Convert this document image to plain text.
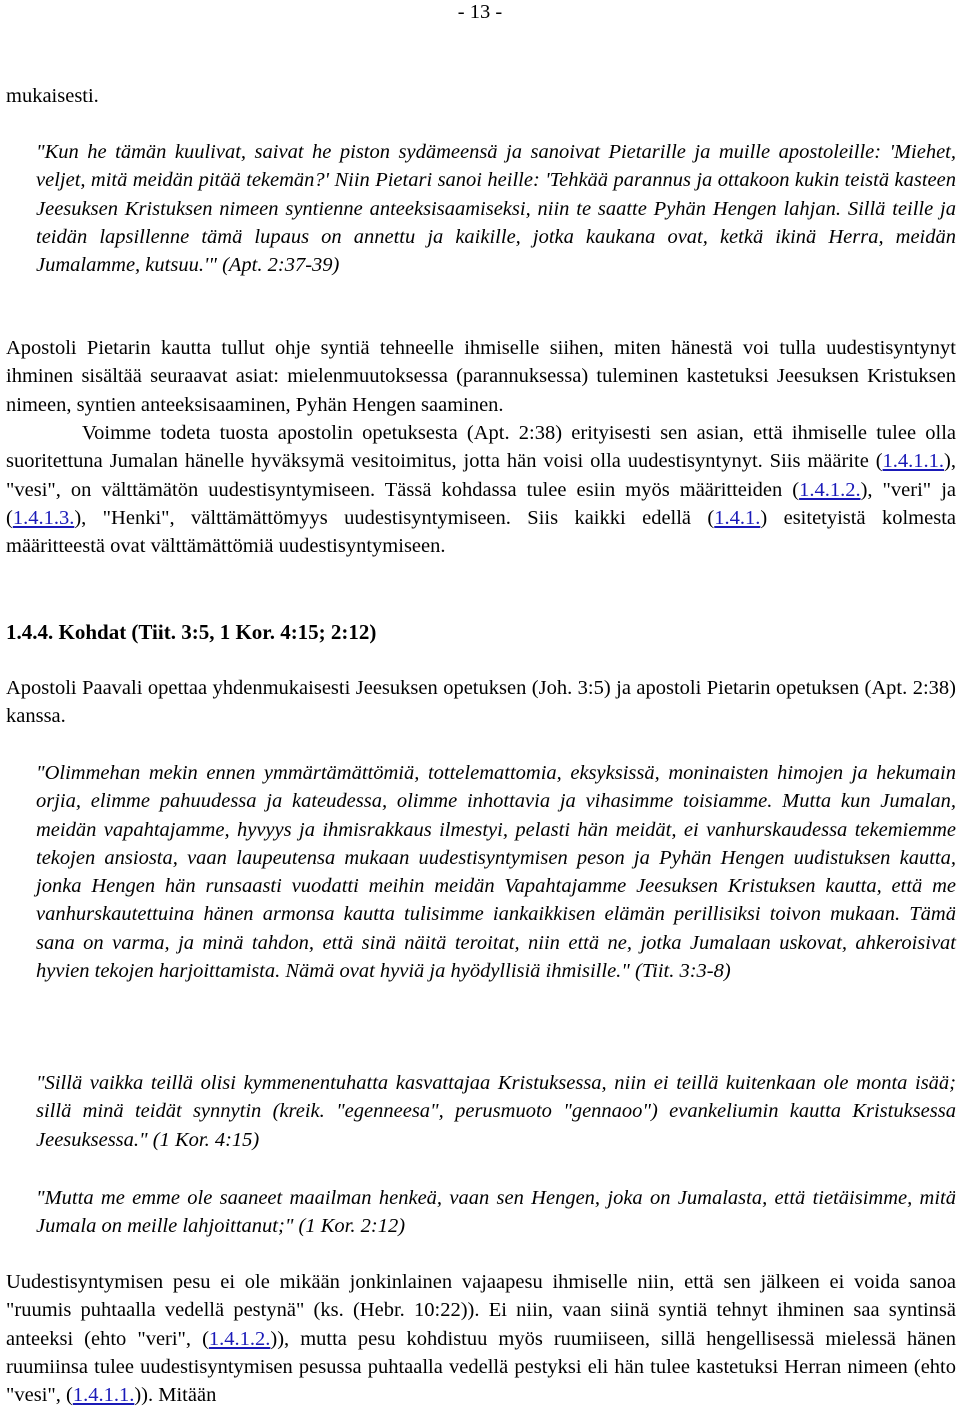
- 13 -
mukaisesti.
"Kun he tämän kuulivat, saivat he piston sydämeensä ja sanoivat Pietarille ja muille apostoleille: 'Miehet, veljet, mitä meidän pitää tekemän?' Niin Pietari sanoi heille: 'Tehkää parannus ja ottakoon kukin teistä kasteen Jeesuksen Kristuksen nimeen syntienne anteeksisaamiseksi, niin te saatte Pyhän Hengen lahjan. Sillä teille ja teidän lapsillenne tämä lupaus on annettu ja kaikille, jotka kaukana ovat, ketkä ikinä Herra, meidän Jumalamme, kutsuu.'" (Apt. 2:37-39)
Apostoli Pietarin kautta tullut ohje syntiä tehneelle ihmiselle siihen, miten hänestä voi tulla uudestisyntynyt ihminen sisältää seuraavat asiat: mielenmuutoksessa (parannuksessa) tuleminen kastetuksi Jeesuksen Kristuksen nimeen, syntien anteeksisaaminen, Pyhän Hengen saaminen.
Voimme todeta tuosta apostolin opetuksesta (Apt. 2:38) erityisesti sen asian, että ihmiselle tulee olla suoritettuna Jumalan hänelle hyväksymä vesitoimitus, jotta hän voisi olla uudestisyntynyt. Siis määrite (1.4.1.1.), "vesi", on välttämätön uudestisyntymiseen. Tässä kohdassa tulee esiin myös määritteiden (1.4.1.2.), "veri" ja (1.4.1.3.), "Henki", välttämättömyys uudestisyntymiseen. Siis kaikki edellä (1.4.1.) esitetyistä kolmesta määritteestä ovat välttämättömiä uudestisyntymiseen.
1.4.4. Kohdat (Tiit. 3:5, 1 Kor. 4:15; 2:12)
Apostoli Paavali opettaa yhdenmukaisesti Jeesuksen opetuksen (Joh. 3:5) ja apostoli Pietarin opetuksen (Apt. 2:38) kanssa.
"Olimmehan mekin ennen ymmärtämättömiä, tottelemattomia, eksyksissä, moninaisten himojen ja hekumain orjia, elimme pahuudessa ja kateudessa, olimme inhottavia ja vihasimme toisiamme. Mutta kun Jumalan, meidän vapahtajamme, hyvyys ja ihmisrakkaus ilmestyi, pelasti hän meidät, ei vanhurskaudessa tekemiemme tekojen ansiosta, vaan laupeutensa mukaan uudestisyntymisen peson ja Pyhän Hengen uudistuksen kautta, jonka Hengen hän runsaasti vuodatti meihin meidän Vapahtajamme Jeesuksen Kristuksen kautta, että me vanhurskautettuina hänen armonsa kautta tulisimme iankaikkisen elämän perillisiksi toivon mukaan. Tämä sana on varma, ja minä tahdon, että sinä näitä teroitat, niin että ne, jotka Jumalaan uskovat, ahkeroisivat hyvien tekojen harjoittamista. Nämä ovat hyviä ja hyödyllisiä ihmisille." (Tiit. 3:3-8)
"Sillä vaikka teillä olisi kymmenentuhatta kasvattajaa Kristuksessa, niin ei teillä kuitenkaan ole monta isää; sillä minä teidät synnytin (kreik. "egenneesa", perusmuoto "gennaoo") evankeliumin kautta Kristuksessa Jeesuksessa." (1 Kor. 4:15)
"Mutta me emme ole saaneet maailman henkeä, vaan sen Hengen, joka on Jumalasta, että tietäisimme, mitä Jumala on meille lahjoittanut;" (1 Kor. 2:12)
Uudestisyntymisen pesu ei ole mikään jonkinlainen vajaapesu ihmiselle niin, että sen jälkeen ei voida sanoa "ruumis puhtaalla vedellä pestynä" (ks. (Hebr. 10:22)). Ei niin, vaan siinä syntiä tehnyt ihminen saa syntinsä anteeksi (ehto "veri", (1.4.1.2.)), mutta pesu kohdistuu myös ruumiiseen, sillä hengellisessä mielessä hänen ruumiinsa tulee uudestisyntymisen pesussa puhtaalla vedellä pestyksi eli hän tulee kastetuksi Herran nimeen (ehto "vesi", (1.4.1.1.)). Mitään
